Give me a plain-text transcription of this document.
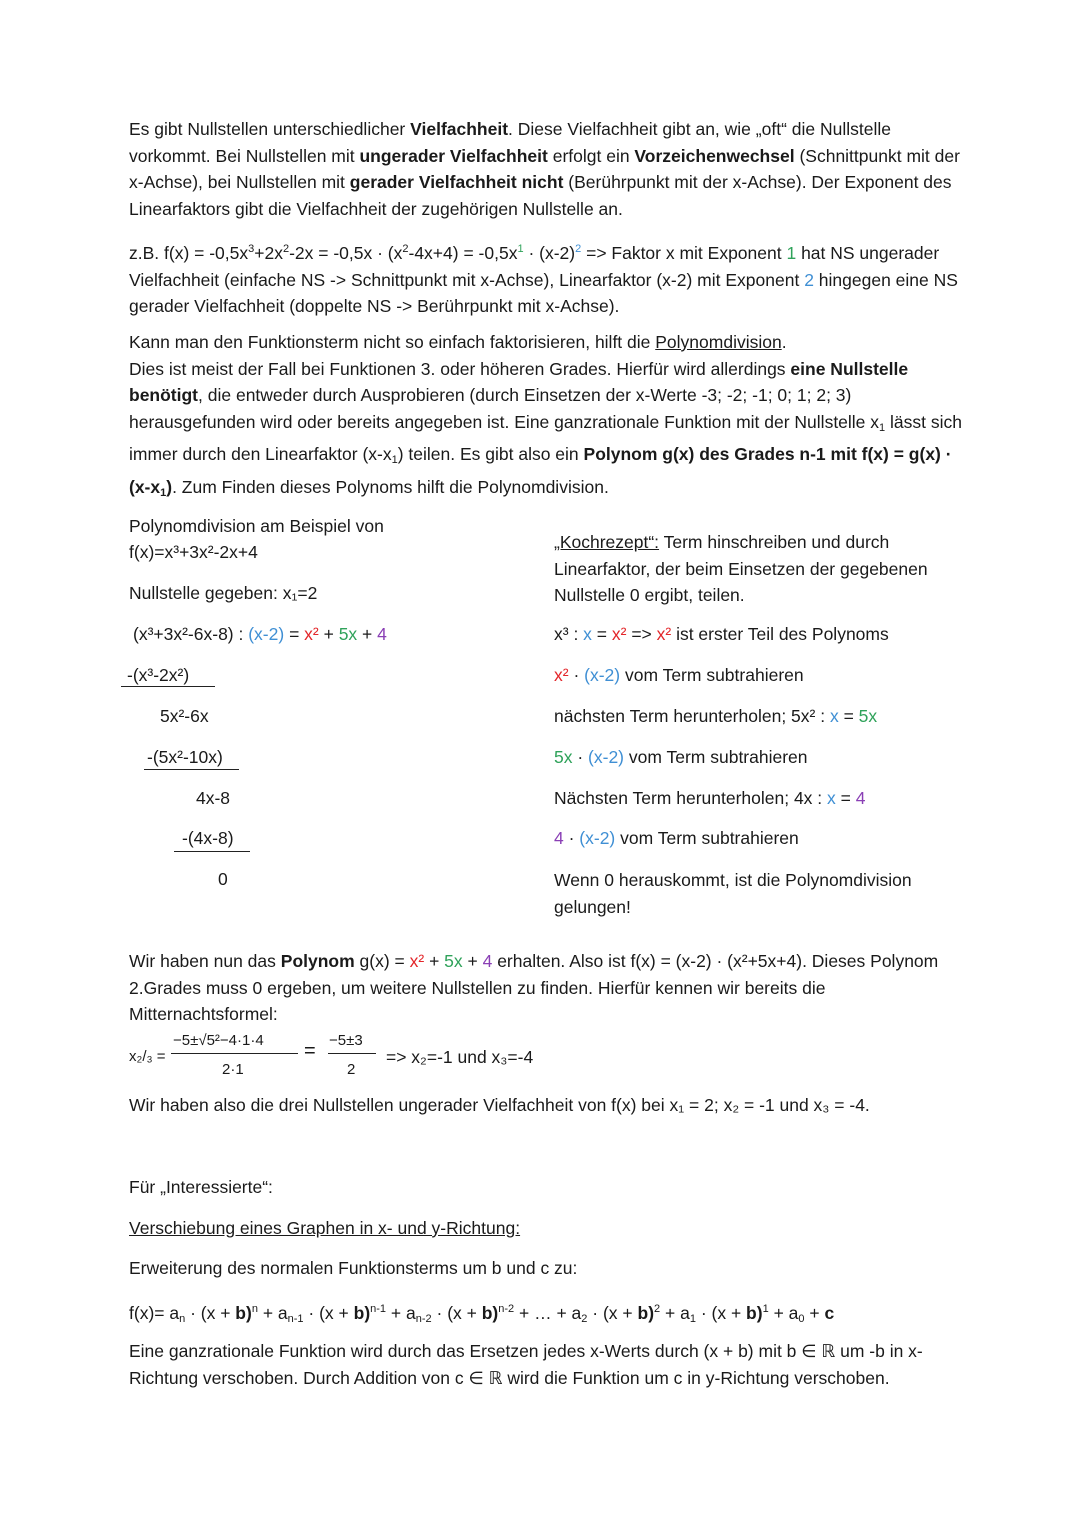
Es gibt Nullstellen unterschiedlicher Vielfachheit. Diese Vielfachheit gibt an, wie „oft“ die Nullstelle vorkommt. Bei Nullstellen mit ungerader Vielfachheit erfolgt ein Vorzeichenwechsel (Schnittpunkt mit der x-Achse), bei Nullstellen mit gerader Vielfachheit nicht (Berührpunkt mit der x-Achse). Der Exponent des Linearfaktors gibt die Vielfachheit der zugehörigen Nullstelle an.
z.B. $f(x) = -0,5x^3+2x^2-2x = -0,5x \cdot (x^2-4x+4) = -0,5x^1 \cdot (x-2)^2$ => Faktor x mit Exponent 1 hat NS ungerader Vielfachheit (einfache NS -> Schnittpunkt mit x-Achse), Linearfaktor (x-2) mit Exponent 2 hingegen eine NS gerader Vielfachheit (doppelte NS -> Berührpunkt mit x-Achse).
Kann man den Funktionsterm nicht so einfach faktorisieren, hilft die Polynomdivision.
Dies ist meist der Fall bei Funktionen 3. oder höheren Grades. Hierfür wird allerdings eine Nullstelle benötigt, die entweder durch Ausprobieren (durch Einsetzen der x-Werte -3; -2; -1; 0; 1; 2; 3) herausgefunden wird oder bereits angegeben ist. Eine ganzrationale Funktion mit der Nullstelle $x_1$ lässt sich immer durch den Linearfaktor $(x-x_1)$ teilen. Es gibt also ein Polynom g(x) des Grades n-1 mit $f(x) = g(x) \cdot (x-x_1)$. Zum Finden dieses Polynoms hilft die Polynomdivision.
Polynomdivision am Beispiel von
f(x)=x³+3x²-2x+4
Nullstelle gegeben: x₁=2
(x³+3x²-6x-8) : (x-2) = x² + 5x + 4
-(x³-2x²)
5x²-6x
-(5x²-10x)
4x-8
-(4x-8)
0
„Kochrezept“: Term hinschreiben und durch Linearfaktor, der beim Einsetzen der gegebenen Nullstelle 0 ergibt, teilen.
x³ : x = x² => x² ist erster Teil des Polynoms
x² · (x-2) vom Term subtrahieren
nächsten Term herunterholen; 5x² : x = 5x
5x · (x-2) vom Term subtrahieren
Nächsten Term herunterholen; 4x : x = 4
4 · (x-2) vom Term subtrahieren
Wenn 0 herauskommt, ist die Polynomdivision gelungen!
Wir haben nun das Polynom g(x) = x² + 5x + 4 erhalten. Also ist f(x) = (x-2) · (x²+5x+4). Dieses Polynom 2.Grades muss 0 ergeben, um weitere Nullstellen zu finden. Hierfür kennen wir bereits die Mitternachtsformel:
x₂/₃ =
−5±√5²−4·1·4
2·1
= −5±3
2
=> x₂=-1 und x₃=-4
Wir haben also die drei Nullstellen ungerader Vielfachheit von f(x) bei x₁ = 2; x₂ = -1 und x₃ = -4.
Für „Interessierte“:
Verschiebung eines Graphen in x- und y-Richtung:
Erweiterung des normalen Funktionsterms um b und c zu:
$f(x)= a_n \cdot (x + b)^n + a_{n-1} \cdot (x + b)^{n-1} + a_{n-2} \cdot (x + b)^{n-2}$ + … + $a_2 \cdot (x + b)^2 + a_1 \cdot (x + b)^1 + a_0 + c$
Eine ganzrationale Funktion wird durch das Ersetzen jedes x-Werts durch (x + b) mit b ∈ ℝ um -b in x-Richtung verschoben. Durch Addition von c ∈ ℝ wird die Funktion um c in y-Richtung verschoben.
